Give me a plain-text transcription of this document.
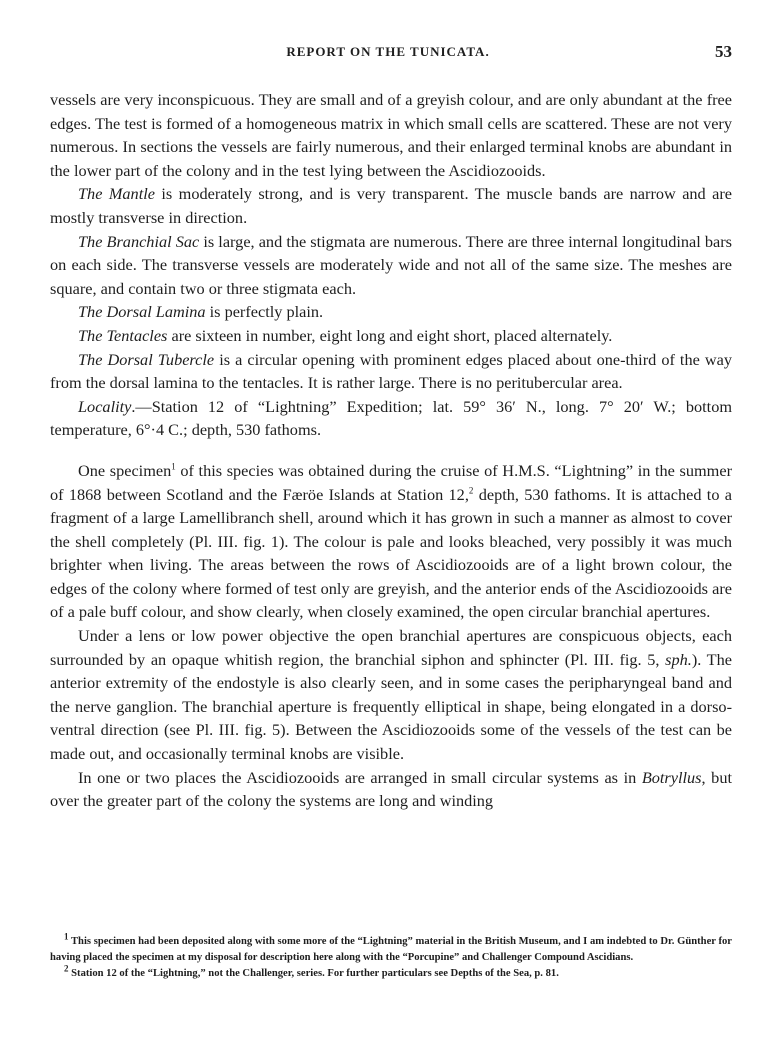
REPORT ON THE TUNICATA.	53

vessels are very inconspicuous. They are small and of a greyish colour, and are only abundant at the free edges. The test is formed of a homogeneous matrix in which small cells are scattered. These are not very numerous. In sections the vessels are fairly numerous, and their enlarged terminal knobs are abundant in the lower part of the colony and in the test lying between the Ascidiozooids.

The Mantle is moderately strong, and is very transparent. The muscle bands are narrow and are mostly transverse in direction.

The Branchial Sac is large, and the stigmata are numerous. There are three internal longitudinal bars on each side. The transverse vessels are moderately wide and not all of the same size. The meshes are square, and contain two or three stigmata each.

The Dorsal Lamina is perfectly plain.

The Tentacles are sixteen in number, eight long and eight short, placed alternately.

The Dorsal Tubercle is a circular opening with prominent edges placed about one-third of the way from the dorsal lamina to the tentacles. It is rather large. There is no peritubercular area.

Locality.—Station 12 of “Lightning” Expedition; lat. 59° 36′ N., long. 7° 20′ W.; bottom temperature, 6°·4 C.; depth, 530 fathoms.

One specimen$^1$ of this species was obtained during the cruise of H.M.S. “Lightning” in the summer of 1868 between Scotland and the Færöe Islands at Station 12,$^2$ depth, 530 fathoms. It is attached to a fragment of a large Lamellibranch shell, around which it has grown in such a manner as almost to cover the shell completely (Pl. III. fig. 1). The colour is pale and looks bleached, very possibly it was much brighter when living. The areas between the rows of Ascidiozooids are of a light brown colour, the edges of the colony where formed of test only are greyish, and the anterior ends of the Ascidiozooids are of a pale buff colour, and show clearly, when closely examined, the open circular branchial apertures.

Under a lens or low power objective the open branchial apertures are conspicuous objects, each surrounded by an opaque whitish region, the branchial siphon and sphincter (Pl. III. fig. 5, sph.). The anterior extremity of the endostyle is also clearly seen, and in some cases the peripharyngeal band and the nerve ganglion. The branchial aperture is frequently elliptical in shape, being elongated in a dorso-ventral direction (see Pl. III. fig. 5). Between the Ascidiozooids some of the vessels of the test can be made out, and occasionally terminal knobs are visible.

In one or two places the Ascidiozooids are arranged in small circular systems as in Botryllus, but over the greater part of the colony the systems are long and winding

$^1$ This specimen had been deposited along with some more of the “Lightning” material in the British Museum, and I am indebted to Dr. Günther for having placed the specimen at my disposal for description here along with the “Porcupine” and Challenger Compound Ascidians.

$^2$ Station 12 of the “Lightning,” not the Challenger, series. For further particulars see Depths of the Sea, p. 81.
